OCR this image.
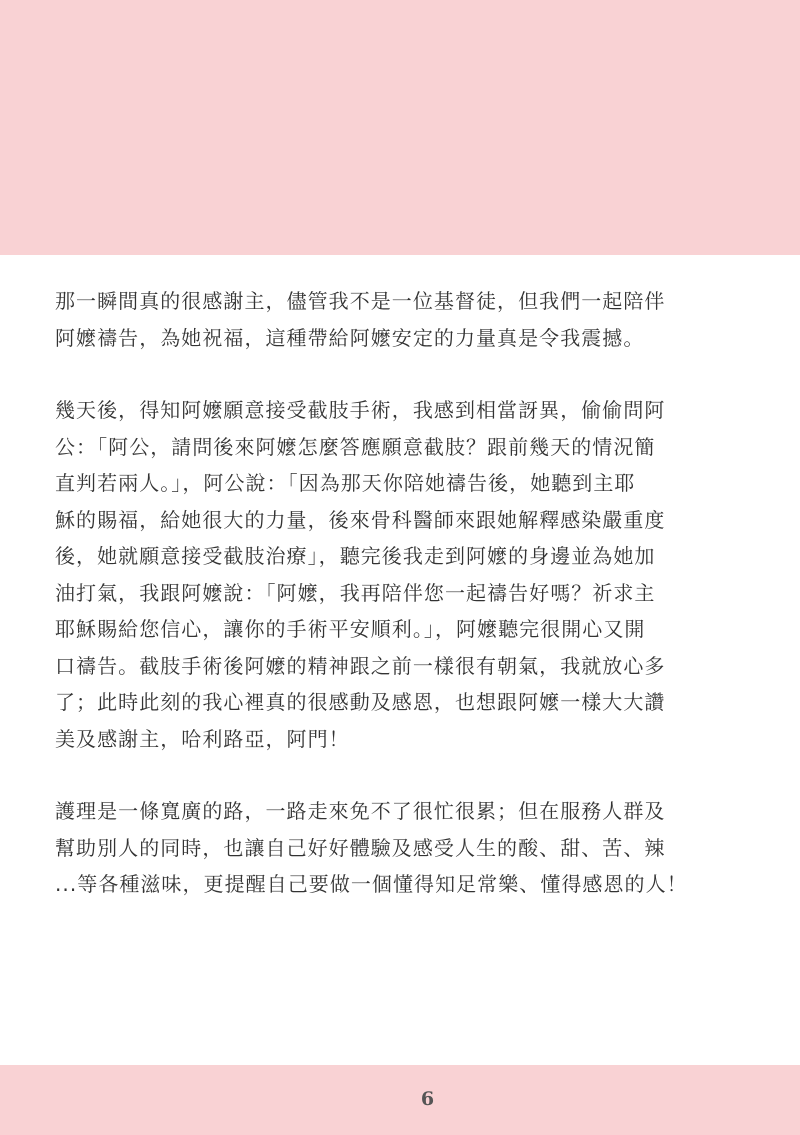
那一瞬間真的很感謝主，儘管我不是一位基督徒，但我們一起陪伴
阿嬤禱告，為她祝福，這種帶給阿嬤安定的力量真是令我震撼。

幾天後，得知阿嬤願意接受截肢手術，我感到相當訝異，偷偷問阿
公：「阿公，請問後來阿嬤怎麼答應願意截肢？跟前幾天的情況簡
直判若兩人。」，阿公說：「因為那天你陪她禱告後，她聽到主耶
穌的賜福，給她很大的力量，後來骨科醫師來跟她解釋感染嚴重度
後，她就願意接受截肢治療」，聽完後我走到阿嬤的身邊並為她加
油打氣，我跟阿嬤說：「阿嬤，我再陪伴您一起禱告好嗎？祈求主
耶穌賜給您信心，讓你的手術平安順利。」，阿嬤聽完很開心又開
口禱告。截肢手術後阿嬤的精神跟之前一樣很有朝氣，我就放心多
了；此時此刻的我心裡真的很感動及感恩，也想跟阿嬤一樣大大讚
美及感謝主，哈利路亞，阿門！

護理是一條寬廣的路，一路走來免不了很忙很累；但在服務人群及
幫助別人的同時，也讓自己好好體驗及感受人生的酸、甜、苦、辣
...等各種滋味，更提醒自己要做一個懂得知足常樂、懂得感恩的人！

6
